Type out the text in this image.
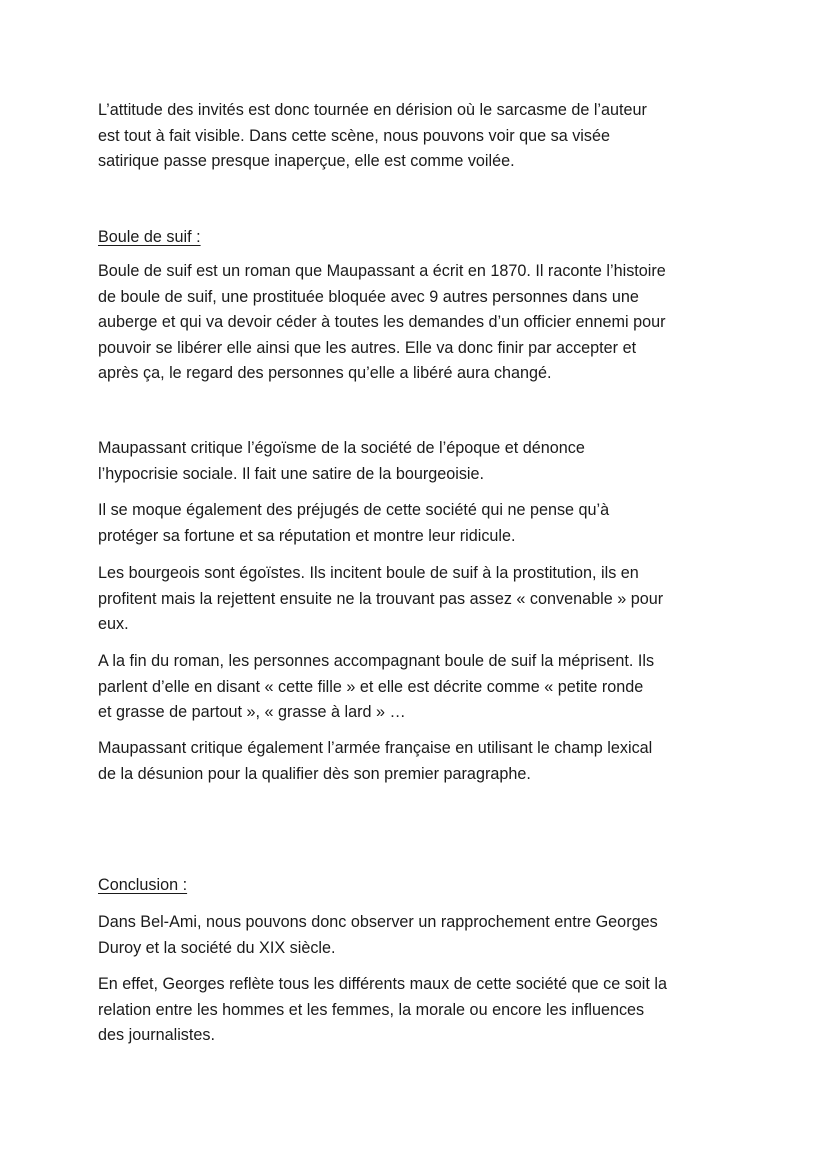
L’attitude des invités est donc tournée en dérision où le sarcasme de l’auteur
est tout à fait visible. Dans cette scène, nous pouvons voir que sa visée
satirique passe presque inaperçue, elle est comme voilée.

Boule de suif :

Boule de suif est un roman que Maupassant a écrit en 1870. Il raconte l’histoire
de boule de suif, une prostituée bloquée avec 9 autres personnes dans une
auberge et qui va devoir céder à toutes les demandes d’un officier ennemi pour
pouvoir se libérer elle ainsi que les autres. Elle va donc finir par accepter et
après ça, le regard des personnes qu’elle a libéré aura changé.

Maupassant critique l’égoïsme de la société de l’époque et dénonce
l’hypocrisie sociale. Il fait une satire de la bourgeoisie.

Il se moque également des préjugés de cette société qui ne pense qu’à
protéger sa fortune et sa réputation et montre leur ridicule.

Les bourgeois sont égoïstes. Ils incitent boule de suif à la prostitution, ils en
profitent mais la rejettent ensuite ne la trouvant pas assez « convenable » pour
eux.

A la fin du roman, les personnes accompagnant boule de suif la méprisent. Ils
parlent d’elle en disant « cette fille » et elle est décrite comme « petite ronde
et grasse de partout », « grasse à lard » …

Maupassant critique également l’armée française en utilisant le champ lexical
de la désunion pour la qualifier dès son premier paragraphe.

Conclusion :

Dans Bel-Ami, nous pouvons donc observer un rapprochement entre Georges
Duroy et la société du XIX siècle.

En effet, Georges reflète tous les différents maux de cette société que ce soit la
relation entre les hommes et les femmes, la morale ou encore les influences
des journalistes.
